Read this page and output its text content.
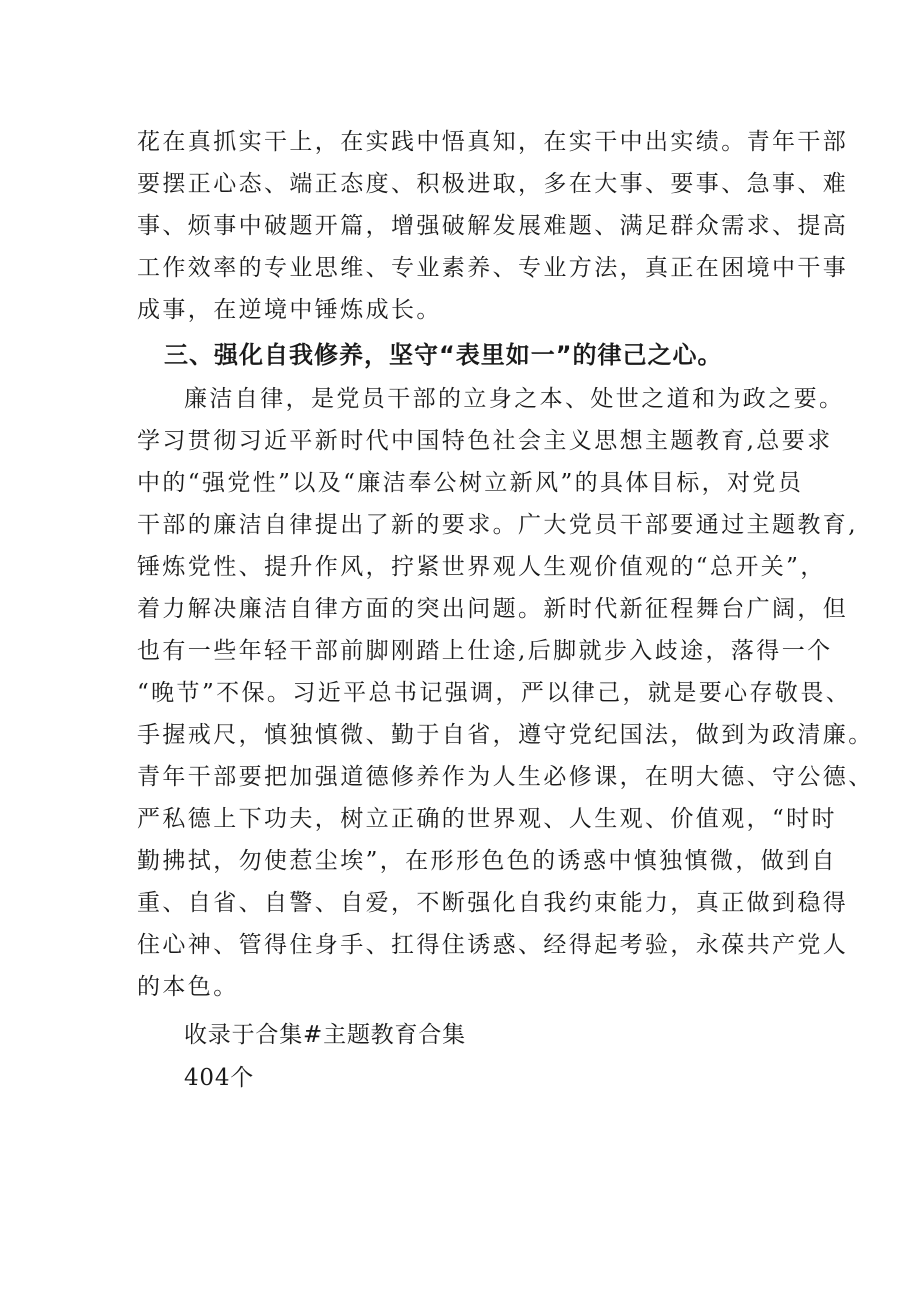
花在真抓实干上，在实践中悟真知，在实干中出实绩。青年干部
要摆正心态、端正态度、积极进取，多在大事、要事、急事、难
事、烦事中破题开篇，增强破解发展难题、满足群众需求、提高
工作效率的专业思维、专业素养、专业方法，真正在困境中干事
成事，在逆境中锤炼成长。
三、强化自我修养，坚守“表里如一”的律己之心。
廉洁自律，是党员干部的立身之本、处世之道和为政之要。
学习贯彻习近平新时代中国特色社会主义思想主题教育,总要求
中的“强党性”以及“廉洁奉公树立新风”的具体目标，对党员
干部的廉洁自律提出了新的要求。广大党员干部要通过主题教育,
锤炼党性、提升作风，拧紧世界观人生观价值观的“总开关”，
着力解决廉洁自律方面的突出问题。新时代新征程舞台广阔，但
也有一些年轻干部前脚刚踏上仕途,后脚就步入歧途，落得一个
“晚节”不保。习近平总书记强调，严以律己，就是要心存敬畏、
手握戒尺，慎独慎微、勤于自省，遵守党纪国法，做到为政清廉。
青年干部要把加强道德修养作为人生必修课，在明大德、守公德、
严私德上下功夫，树立正确的世界观、人生观、价值观，“时时
勤拂拭，勿使惹尘埃”，在形形色色的诱惑中慎独慎微，做到自
重、自省、自警、自爱，不断强化自我约束能力，真正做到稳得
住心神、管得住身手、扛得住诱惑、经得起考验，永葆共产党人
的本色。
收录于合集#主题教育合集
404个
